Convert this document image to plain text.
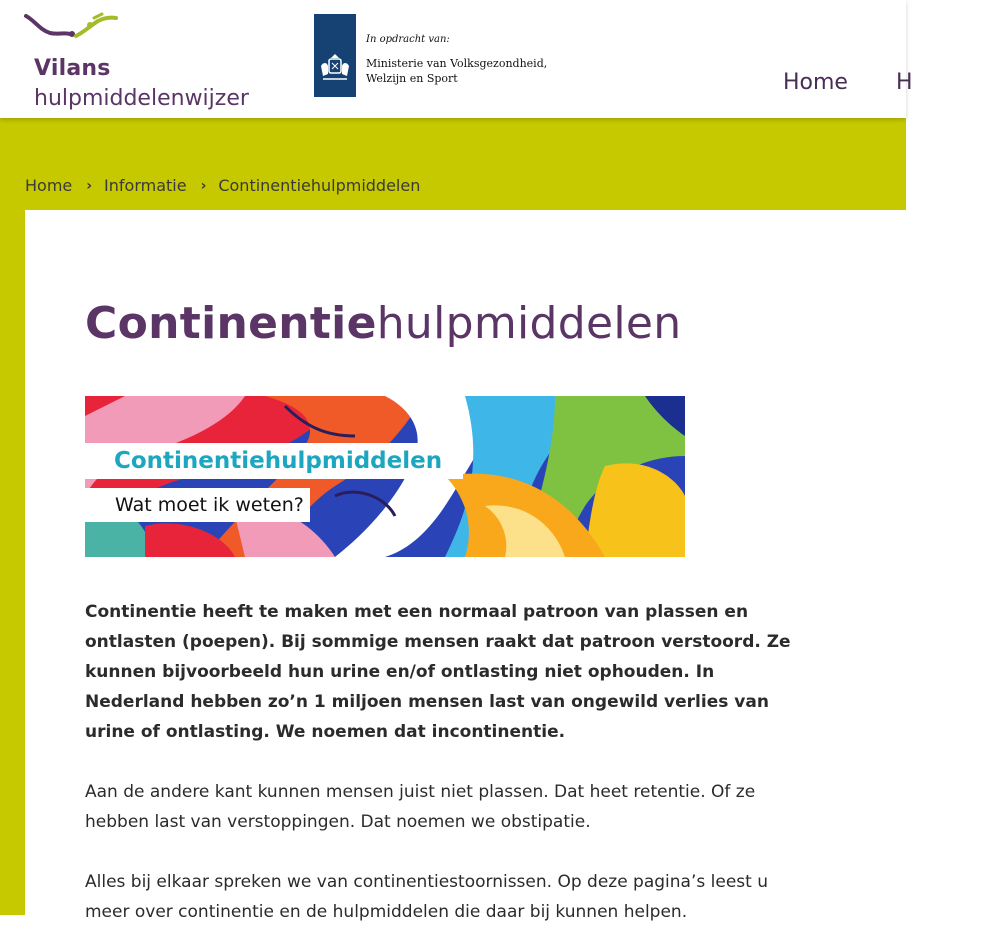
Vilans
hulpmiddelenwijzer
In opdracht van:
Ministerie van Volksgezondheid, Welzijn en Sport	Home H
Home › Informatie › Continentiehulpmiddelen
Continentiehulpmiddelen
Continentiehulpmiddelen
Wat moet ik weten?

Continentie heeft te maken met een normaal patroon van plassen en ontlasten (poepen). Bij sommige mensen raakt dat patroon verstoord. Ze kunnen bijvoorbeeld hun urine en/of ontlasting niet ophouden. In Nederland hebben zo’n 1 miljoen mensen last van ongewild verlies van urine of ontlasting. We noemen dat incontinentie.

Aan de andere kant kunnen mensen juist niet plassen. Dat heet retentie. Of ze hebben last van verstoppingen. Dat noemen we obstipatie.

Alles bij elkaar spreken we van continentiestoornissen. Op deze pagina’s leest u meer over continentie en de hulpmiddelen die daar bij kunnen helpen.
